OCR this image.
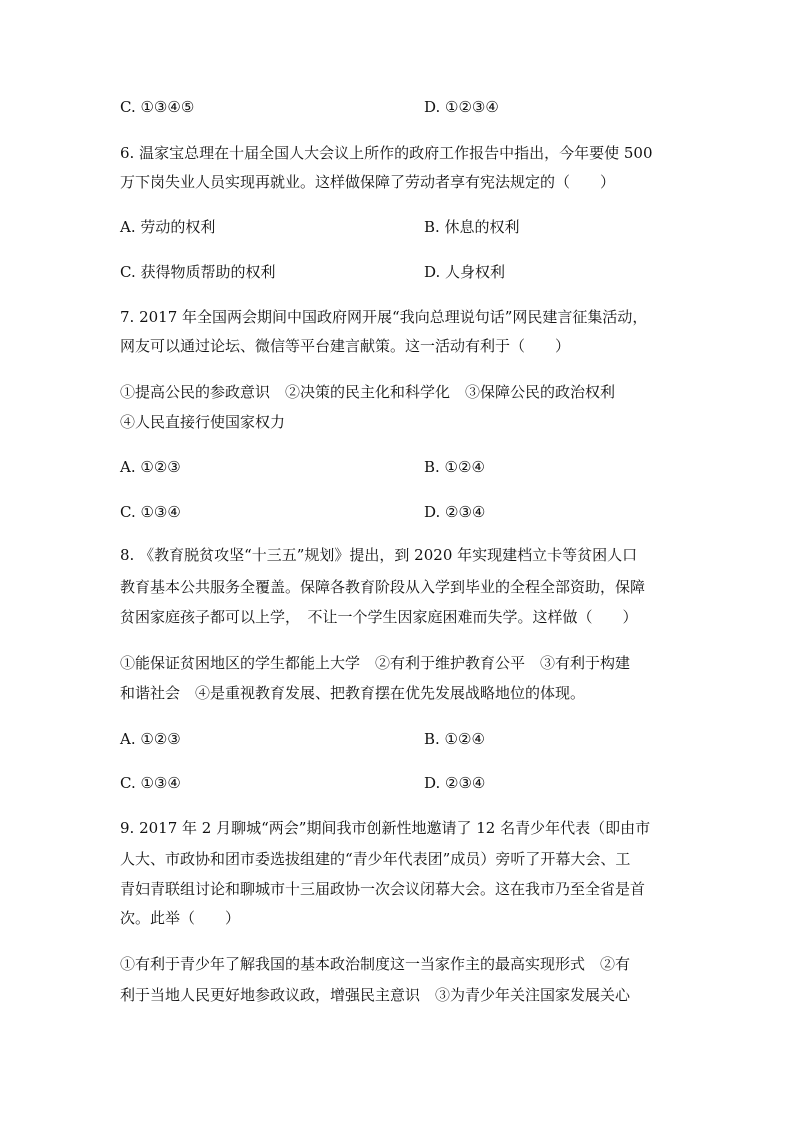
C. ①③④⑤	D. ①②③④
6. 温家宝总理在十届全国人大会议上所作的政府工作报告中指出，今年要使 500
万下岗失业人员实现再就业。这样做保障了劳动者享有宪法规定的（　　）
A. 劳动的权利	B. 休息的权利
C. 获得物质帮助的权利	D. 人身权利
7. 2017 年全国两会期间中国政府网开展“我向总理说句话”网民建言征集活动，
网友可以通过论坛、微信等平台建言献策。这一活动有利于（　　）
①提高公民的参政意识　②决策的民主化和科学化　③保障公民的政治权利
④人民直接行使国家权力
A. ①②③	B. ①②④
C. ①③④	D. ②③④
8. 《教育脱贫攻坚“十三五”规划》提出，到 2020 年实现建档立卡等贫困人口
教育基本公共服务全覆盖。保障各教育阶段从入学到毕业的全程全部资助，保障
贫困家庭孩子都可以上学，　不让一个学生因家庭困难而失学。这样做（　　）
①能保证贫困地区的学生都能上大学　②有利于维护教育公平　③有利于构建
和谐社会　④是重视教育发展、把教育摆在优先发展战略地位的体现。
A. ①②③	B. ①②④
C. ①③④	D. ②③④
9. 2017 年 2 月聊城“两会”期间我市创新性地邀请了 12 名青少年代表（即由市
人大、市政协和团市委选拔组建的“青少年代表团”成员）旁听了开幕大会、工
青妇青联组讨论和聊城市十三届政协一次会议闭幕大会。这在我市乃至全省是首
次。此举（　　）
①有利于青少年了解我国的基本政治制度这一当家作主的最高实现形式　②有
利于当地人民更好地参政议政，增强民主意识　③为青少年关注国家发展关心
